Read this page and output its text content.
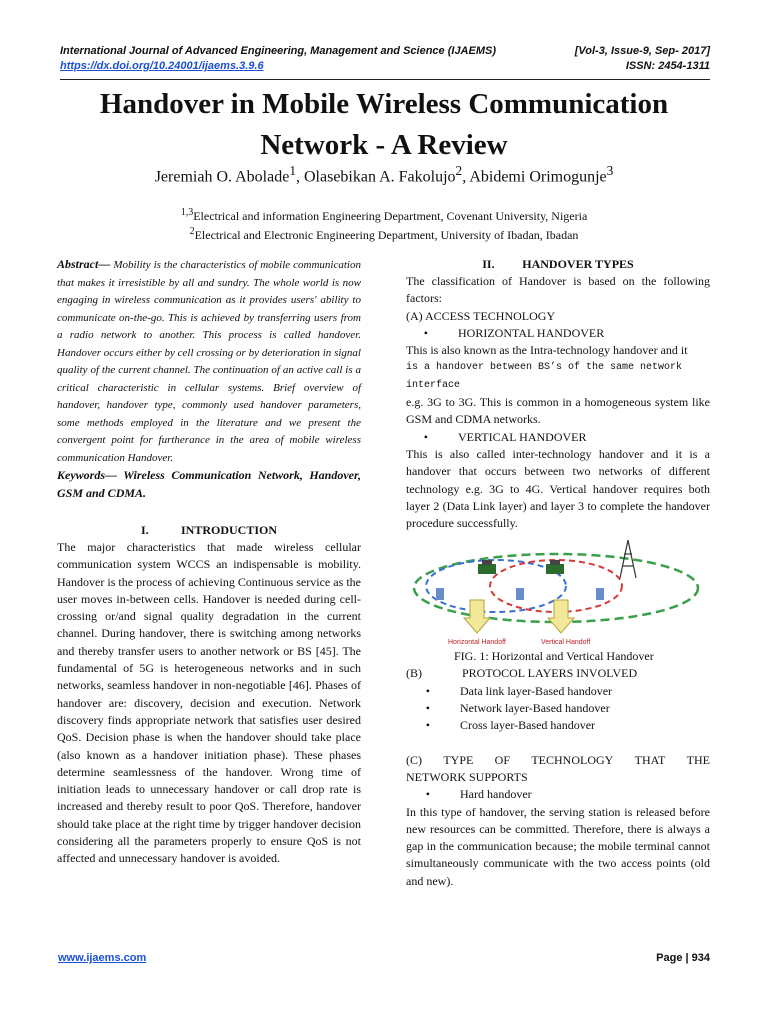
International Journal of Advanced Engineering, Management and Science (IJAEMS)	[Vol-3, Issue-9, Sep- 2017]
https://dx.doi.org/10.24001/ijaems.3.9.6	ISSN: 2454-1311
Handover in Mobile Wireless Communication
Network - A Review
Jeremiah O. Abolade$^1$, Olasebikan A. Fakolujo$^2$, Abidemi Orimogunje$^3$
$^{1,3}$Electrical and information Engineering Department, Covenant University, Nigeria
$^2$Electrical and Electronic Engineering Department, University of Ibadan, Ibadan
Abstract— Mobility is the characteristics of mobile communication that makes it irresistible by all and sundry. The whole world is now engaging in wireless communication as it provides users' ability to communicate on-the-go. This is achieved by transferring users from a radio network to another. This process is called handover. Handover occurs either by cell crossing or by deterioration in signal quality of the current channel. The continuation of an active call is a critical characteristic in cellular systems. Brief overview of handover, handover type, commonly used handover parameters, some methods employed in the literature and we present the convergent point for furtherance in the area of mobile wireless communication Handover.
Keywords— Wireless Communication Network, Handover, GSM and CDMA.
I.	INTRODUCTION
The major characteristics that made wireless cellular communication system WCCS an indispensable is mobility. Handover is the process of achieving Continuous service as the user moves in-between cells. Handover is needed during cell-crossing or/and signal quality degradation in the current channel. During handover, there is switching among networks and thereby transfer users to another network or BS [45]. The fundamental of 5G is heterogeneous networks and in such networks, seamless handover in non-negotiable [46]. Phases of handover are: discovery, decision and execution. Network discovery finds appropriate network that satisfies user desired QoS. Decision phase is when the handover should take place (also known as a handover initiation phase). These phases determine seamlessness of the handover. Wrong time of initiation leads to unnecessary handover or call drop rate is increased and thereby result to poor QoS. Therefore, handover should take place at the right time by trigger handover decision considering all the parameters properly to ensure QoS is not affected and unnecessary handover is avoided.
II. HANDOVER TYPES
The classification of Handover is based on the following factors:
(A) ACCESS TECHNOLOGY
•	HORIZONTAL HANDOVER
This is also known as the Intra-technology handover and it
is a handover between BS’s of the same network interface
e.g. 3G to 3G. This is common in a homogeneous system like GSM and CDMA networks.
•	VERTICAL HANDOVER
This is also called inter-technology handover and it is a handover that occurs between two networks of different technology e.g. 3G to 4G. Vertical handover requires both layer 2 (Data Link layer) and layer 3 to complete the handover procedure successfully.
Horizontal Handoff	Vertical Handoff
FIG. 1: Horizontal and Vertical Handover
(B)	PROTOCOL LAYERS INVOLVED
•	Data link layer-Based handover
•	Network layer-Based handover
•	Cross layer-Based handover
(C) TYPE OF TECHNOLOGY THAT THE
NETWORK SUPPORTS
•	Hard handover
In this type of handover, the serving station is released before new resources can be committed. Therefore, there is always a gap in the communication because; the mobile terminal cannot simultaneously communicate with the two access points (old and new).
www.ijaems.com	Page | 934
